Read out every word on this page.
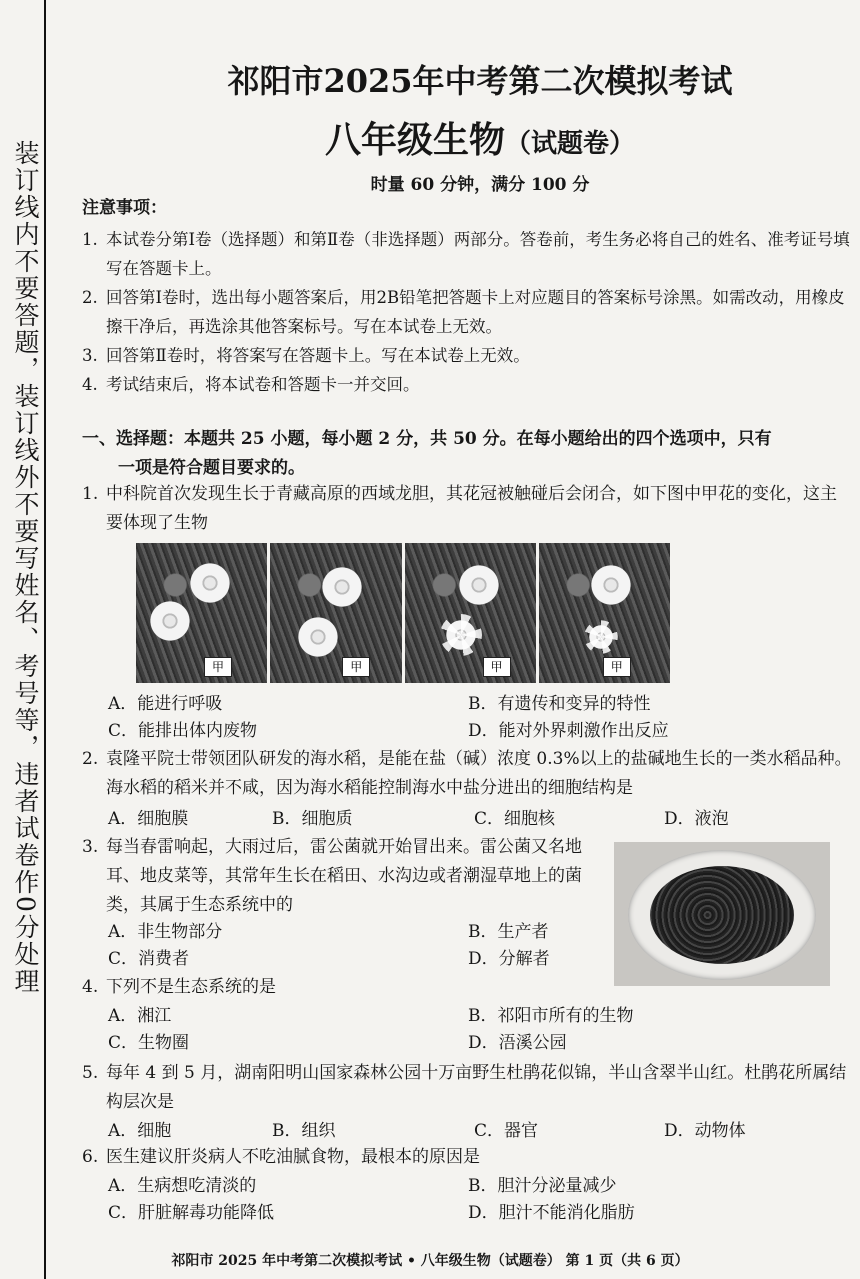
装订线内不要答题，装订线外不要写姓名、考号等，违者试卷作0分处理
祁阳市2025年中考第二次模拟考试
八年级生物（试题卷）
时量 60 分钟，满分 100 分
注意事项：
1. 本试卷分第Ⅰ卷（选择题）和第Ⅱ卷（非选择题）两部分。答卷前，考生务必将自己的姓名、准考证号填写在答题卡上。
2. 回答第Ⅰ卷时，选出每小题答案后，用2B铅笔把答题卡上对应题目的答案标号涂黑。如需改动，用橡皮擦干净后，再选涂其他答案标号。写在本试卷上无效。
3. 回答第Ⅱ卷时，将答案写在答题卡上。写在本试卷上无效。
4. 考试结束后，将本试卷和答题卡一并交回。
一、选择题：本题共 25 小题，每小题 2 分，共 50 分。在每小题给出的四个选项中，只有
一项是符合题目要求的。
1. 中科院首次发现生长于青藏高原的西域龙胆，其花冠被触碰后会闭合，如下图中甲花的变化，这主要体现了生物
甲	甲	甲	甲
A．能进行呼吸	B．有遗传和变异的特性
C．能排出体内废物	D．能对外界刺激作出反应
2. 袁隆平院士带领团队研发的海水稻，是能在盐（碱）浓度 0.3%以上的盐碱地生长的一类水稻品种。海水稻的稻米并不咸，因为海水稻能控制海水中盐分进出的细胞结构是
A．细胞膜	B．细胞质	C．细胞核	D．液泡
3. 每当春雷响起，大雨过后，雷公菌就开始冒出来。雷公菌又名地耳、地皮菜等，其常年生长在稻田、水沟边或者潮湿草地上的菌类，其属于生态系统中的
A．非生物部分	B．生产者
C．消费者	D．分解者
4. 下列不是生态系统的是
A．湘江	B．祁阳市所有的生物
C．生物圈	D．浯溪公园
5. 每年 4 到 5 月，湖南阳明山国家森林公园十万亩野生杜鹃花似锦，半山含翠半山红。杜鹃花所属结构层次是
A．细胞	B．组织	C．器官	D．动物体
6. 医生建议肝炎病人不吃油腻食物，最根本的原因是
A．生病想吃清淡的	B．胆汁分泌量减少
C．肝脏解毒功能降低	D．胆汁不能消化脂肪
祁阳市 2025 年中考第二次模拟考试 • 八年级生物（试题卷） 第 1 页（共 6 页）
